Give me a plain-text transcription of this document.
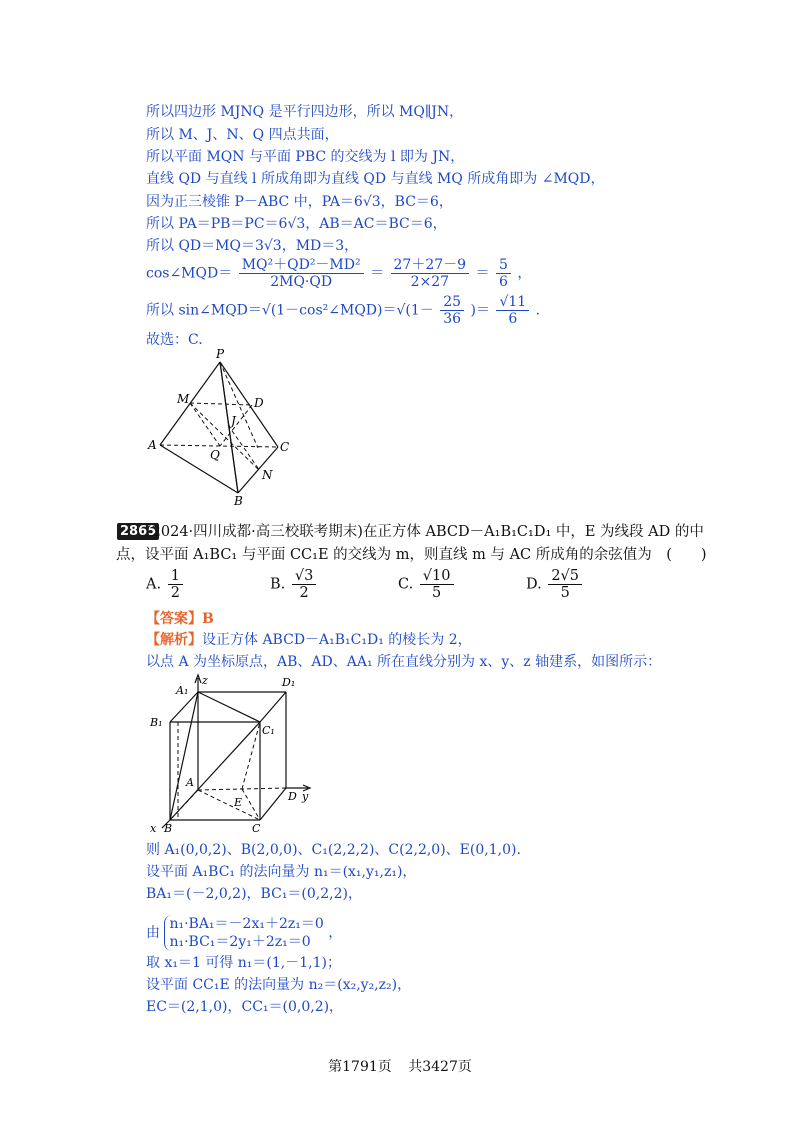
所以四边形 MJNQ 是平行四边形，所以 MQ∥JN，
所以 M、J、N、Q 四点共面，
所以平面 MQN 与平面 PBC 的交线为 l 即为 JN，
直线 QD 与直线 l 所成角即为直线 QD 与直线 MQ 所成角即为 ∠MQD，
因为正三棱锥 P－ABC 中，PA＝6√3，BC＝6，
所以 PA＝PB＝PC＝6√3，AB＝AC＝BC＝6，
所以 QD＝MQ＝3√3，MD＝3，
cos∠MQD＝ $\frac{\text{MQ²＋QD²－MD²}}{2MQ\cdot QD} = \frac{27+27-9}{2\times 27} = \frac{5}{6}$ ，
所以 sin∠MQD＝√(1－cos²∠MQD)＝√(1－ $\frac{25}{36}$ )＝ $\frac{√11}{6}$ .
故选：C.
P
M	D
J
A	C
Q
N
B
2865
(2024·四川成都·高三校联考期末)在正方体 ABCD－A₁B₁C₁D₁ 中，E 为线段 AD 的中
点，设平面 A₁BC₁ 与平面 CC₁E 的交线为 m，则直线 m 与 AC 所成角的余弦值为　(　　)
A. $\frac{1}{2}$	B. $\frac{√3}{2}$	C. $\frac{√10}{5}$	D. $\frac{2√5}{5}$
【答案】B
【解析】设正方体 ABCD－A₁B₁C₁D₁ 的棱长为 2，
以点 A 为坐标原点，AB、AD、AA₁ 所在直线分别为 x、y、z 轴建系，如图所示：
A₁
z	D₁
B₁
C₁
A
E	D y
x B	C
则 A₁(0,0,2)、B(2,0,0)、C₁(2,2,2)、C(2,2,0)、E(0,1,0).
设平面 A₁BC₁ 的法向量为 n₁＝(x₁,y₁,z₁)，
BA₁＝(－2,0,2)，BC₁＝(0,2,2)，
由
n₁·BA₁＝－2x₁＋2z₁＝0
n₁·BC₁＝2y₁＋2z₁＝0
，
取 x₁＝1 可得 n₁＝(1,－1,1)；
设平面 CC₁E 的法向量为 n₂＝(x₂,y₂,z₂)，
EC＝(2,1,0)，CC₁＝(0,0,2)，
第1791页 共3427页
